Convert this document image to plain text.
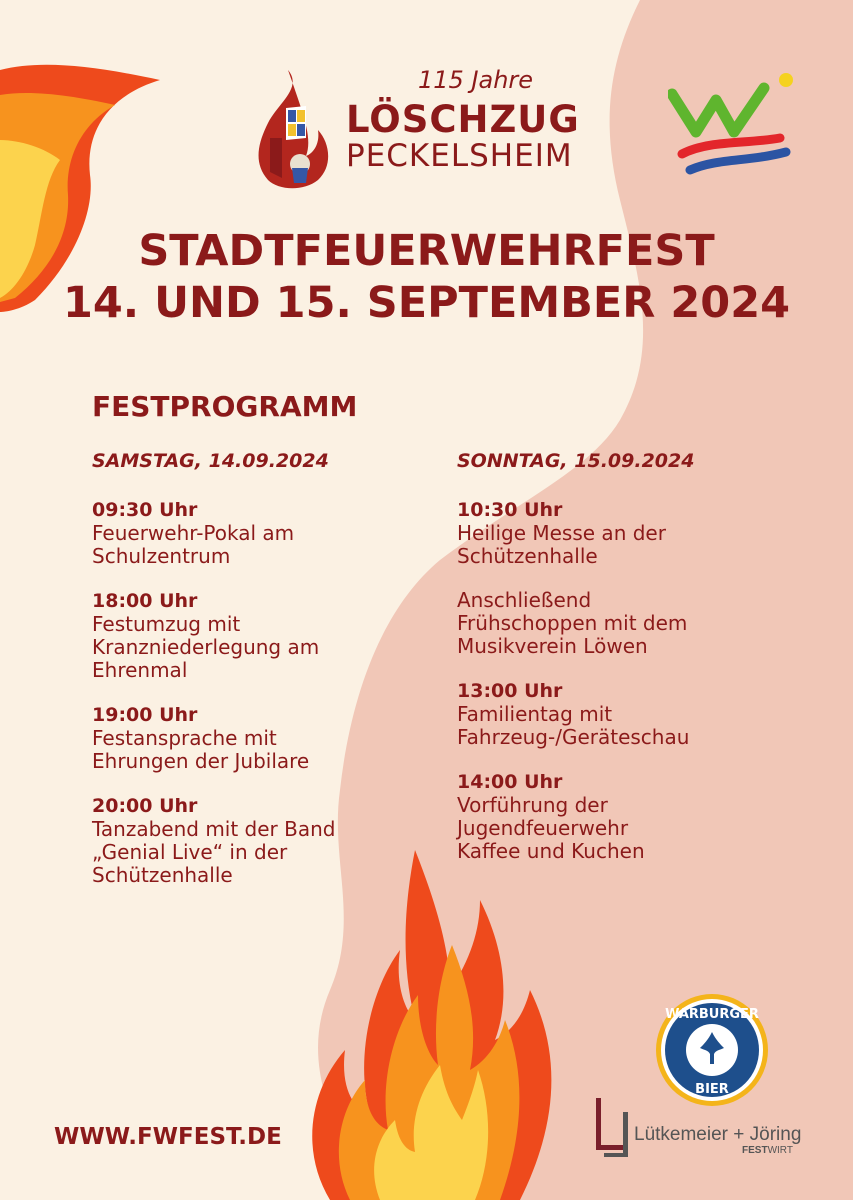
115 Jahre
LÖSCHZUG
PECKELSHEIM
STADTFEUERWEHRFEST
14. UND 15. SEPTEMBER 2024
FESTPROGRAMM
SAMSTAG, 14.09.2024
09:30 Uhr
Feuerwehr-Pokal am
Schulzentrum
18:00 Uhr
Festumzug mit
Kranzniederlegung am
Ehrenmal
19:00 Uhr
Festansprache mit
Ehrungen der Jubilare
20:00 Uhr
Tanzabend mit der Band
„Genial Live“ in der
Schützenhalle
SONNTAG, 15.09.2024
10:30 Uhr
Heilige Messe an der
Schützenhalle
Anschließend
Frühschoppen mit dem
Musikverein Löwen
13:00 Uhr
Familientag mit
Fahrzeug-/Geräteschau
14:00 Uhr
Vorführung der
Jugendfeuerwehr
Kaffee und Kuchen
WWW.FWFEST.DE
WARBURGER
BIER
Lütkemeier + Jöring
FESTWIRT
